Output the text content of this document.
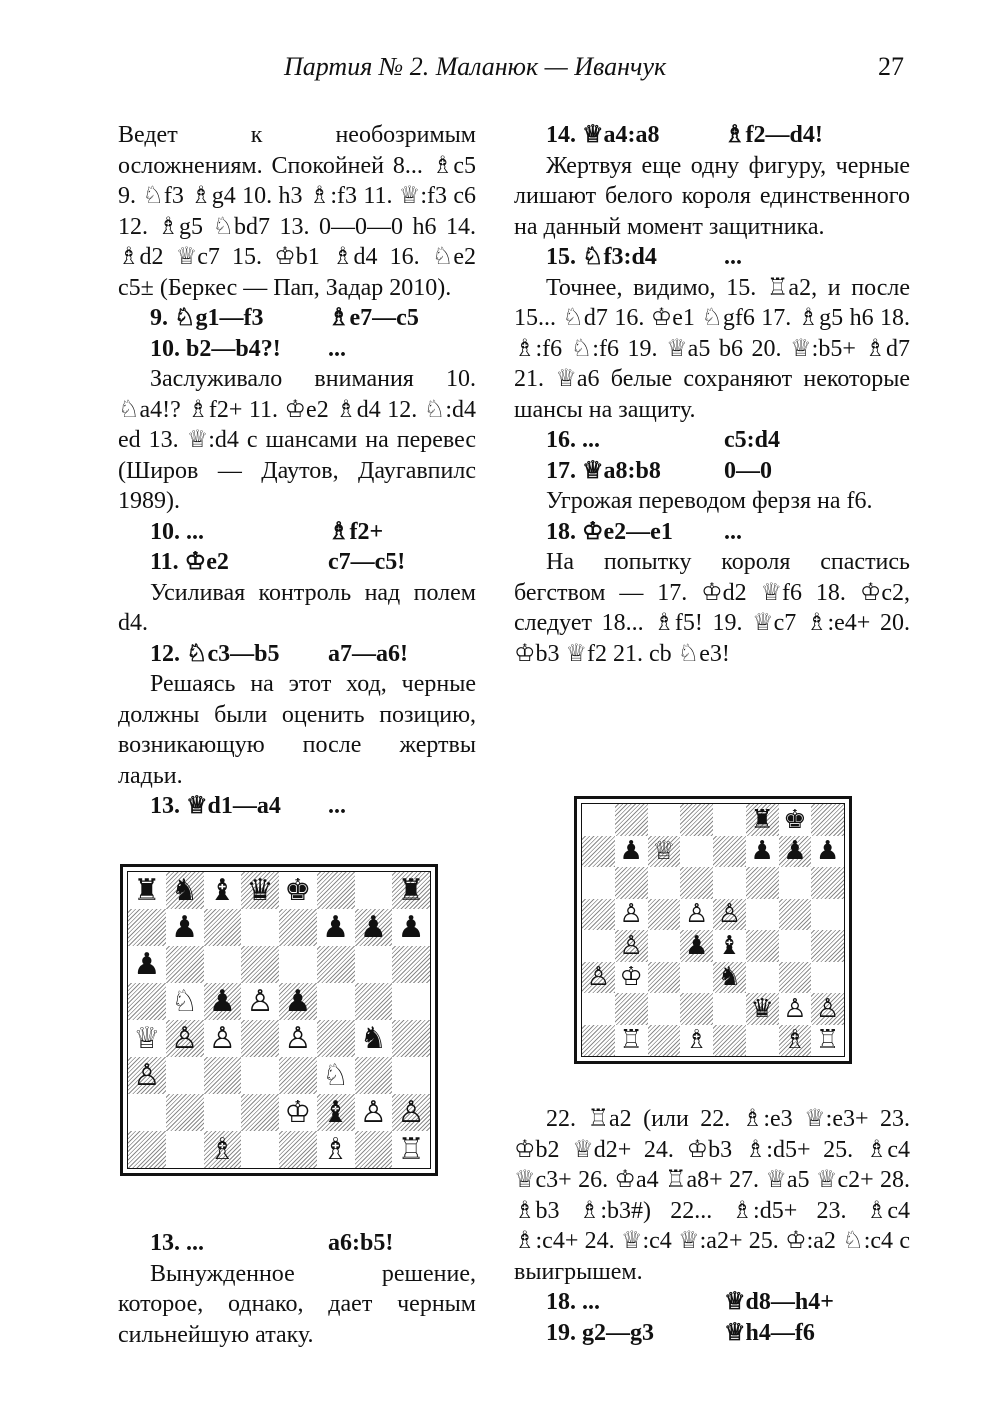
Партия № 2. Маланюк — Иванчук	27

Ведет к необозримым осложнениям. Спокойней 8... ♗c5 9. ♘f3 ♗g4 10. h3 ♗:f3 11. ♕:f3 c6 12. ♗g5 ♘bd7 13. 0—0—0 h6 14. ♗d2 ♕c7 15. ♔b1 ♗d4 16. ♘e2 c5± (Беркес — Пап, Задар 2010).

9. ♘g1—f3	♗e7—c5
10. b2—b4?!	...

Заслуживало внимания 10. ♘a4!? ♗f2+ 11. ♔e2 ♗d4 12. ♘:d4 ed 13. ♕:d4 с шансами на перевес (Широв — Даутов, Даугавпилс 1989).

10. ...	♗f2+
11. ♔e2	c7—c5!

Усиливая контроль над полем d4.

12. ♘c3—b5	a7—a6!

Решаясь на этот ход, черные должны были оценить позицию, возникающую после жертвы ладьи.

13. ♕d1—a4	...
♜ ♞ ♝ ♛ ♚	♜
♟	♟ ♟ ♟
♟
♘ ♟ ♙ ♟
♕ ♙ ♙ ♙ ♞
♙	♘
♔ ♝ ♙ ♙
♗	♗ ♖
13. ...	a6:b5!

Вынужденное решение, которое, однако, дает черным сильнейшую атаку.

14. ♕a4:a8	♗f2—d4!

Жертвуя еще одну фигуру, черные лишают белого короля единственного на данный момент защитника.

15. ♘f3:d4	...

Точнее, видимо, 15. ♖a2, и после 15... ♘d7 16. ♔e1 ♘gf6 17. ♗g5 h6 18. ♗:f6 ♘:f6 19. ♕a5 b6 20. ♕:b5+ ♗d7 21. ♕a6 белые сохраняют некоторые шансы на защиту.

16. ...	c5:d4
17. ♕a8:b8	0—0

Угрожая переводом ферзя на f6.

18. ♔e2—e1	...

На попытку короля спастись бегством — 17. ♔d2 ♕f6 18. ♔c2, следует 18... ♗f5! 19. ♕c7 ♗:e4+ 20. ♔b3 ♕f2 21. cb ♘e3!

♜ ♚
♟ ♕	♟ ♟ ♟
♙ ♙ ♙
♙ ♟ ♝
♙ ♔	♞
♛ ♙ ♙
♖ ♗	♗ ♖

22. ♖a2 (или 22. ♗:e3 ♕:e3+ 23. ♔b2 ♕d2+ 24. ♔b3 ♗:d5+ 25. ♗c4 ♕c3+ 26. ♔a4 ♖a8+ 27. ♕a5 ♕c2+ 28. ♗b3 ♗:b3#) 22... ♗:d5+ 23. ♗c4 ♗:c4+ 24. ♕:c4 ♕:a2+ 25. ♔:a2 ♘:c4 с выигрышем.

18. ...	♕d8—h4+
19. g2—g3	♕h4—f6
